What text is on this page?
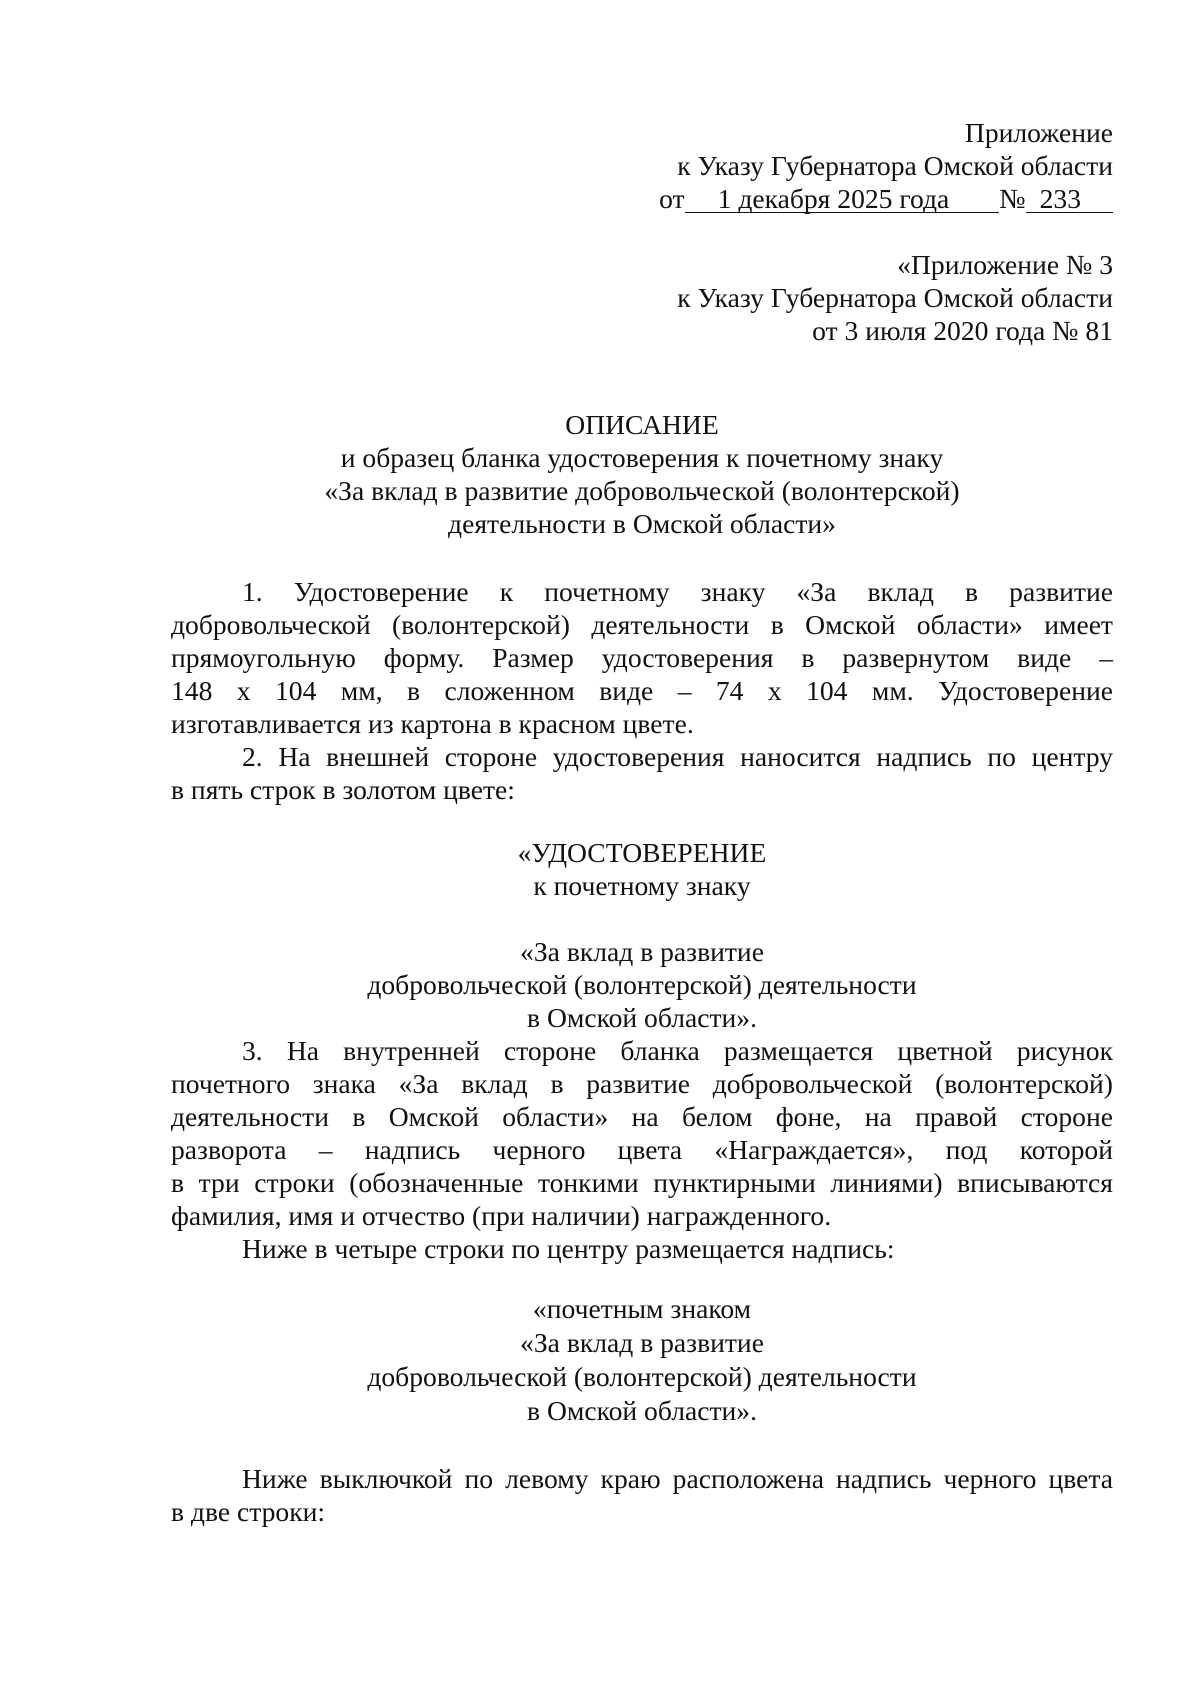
Приложение
к Указу Губернатора Омской области
от 1 декабря 2025 года № 233
«Приложение № 3
к Указу Губернатора Омской области
от 3 июля 2020 года № 81
ОПИСАНИЕ
и образец бланка удостоверения к почетному знаку
«За вклад в развитие добровольческой (волонтерской)
деятельности в Омской области»
1. Удостоверение к почетному знаку «За вклад в развитие
добровольческой (волонтерской) деятельности в Омской области» имеет
прямоугольную форму. Размер удостоверения в развернутом виде –
148 х 104 мм, в сложенном виде – 74 х 104 мм. Удостоверение
изготавливается из картона в красном цвете.
2. На внешней стороне удостоверения наносится надпись по центру
в пять строк в золотом цвете:
«УДОСТОВЕРЕНИЕ
к почетному знаку
«За вклад в развитие
добровольческой (волонтерской) деятельности
в Омской области».
3. На внутренней стороне бланка размещается цветной рисунок
почетного знака «За вклад в развитие добровольческой (волонтерской)
деятельности в Омской области» на белом фоне, на правой стороне
разворота – надпись черного цвета «Награждается», под которой
в три строки (обозначенные тонкими пунктирными линиями) вписываются
фамилия, имя и отчество (при наличии) награжденного.
Ниже в четыре строки по центру размещается надпись:
«почетным знаком
«За вклад в развитие
добровольческой (волонтерской) деятельности
в Омской области».
Ниже выключкой по левому краю расположена надпись черного цвета
в две строки:
